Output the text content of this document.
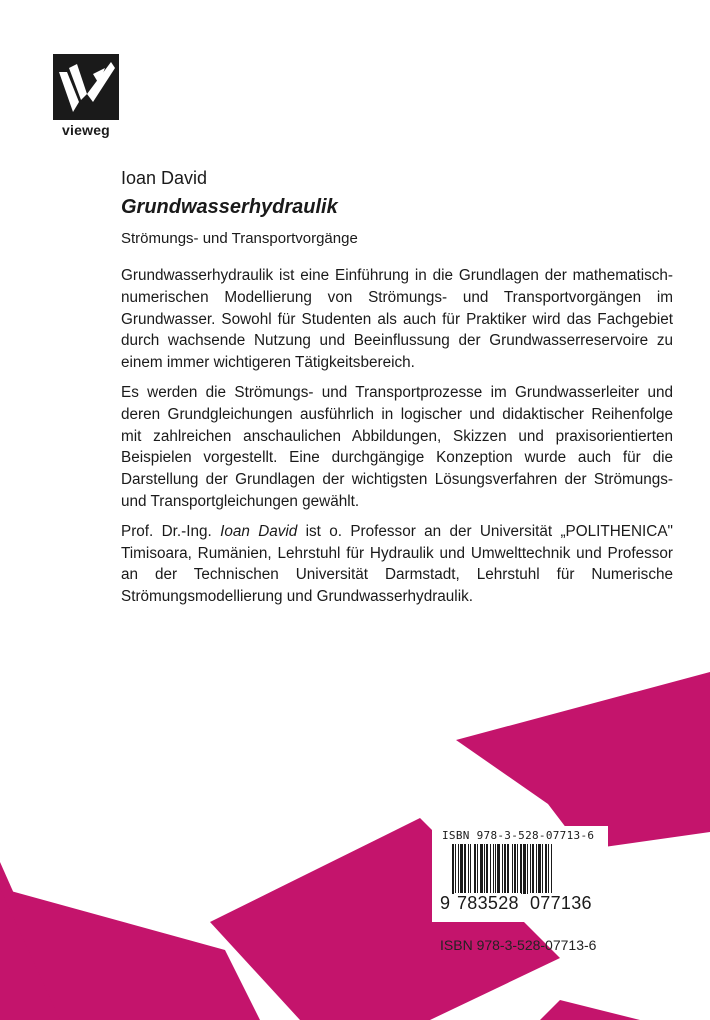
vieweg
Ioan David
Grundwasserhydraulik
Strömungs- und Transportvorgänge

Grundwasserhydraulik ist eine Einführung in die Grundlagen der mathematisch-numerischen Modellierung von Strömungs- und Transportvorgängen im Grundwasser. Sowohl für Studenten als auch für Praktiker wird das Fachgebiet durch wachsende Nutzung und Beeinflussung der Grundwasserreservoire zu einem immer wichtigeren Tätigkeitsbereich.

Es werden die Strömungs- und Transportprozesse im Grundwasserleiter und deren Grundgleichungen ausführlich in logischer und didaktischer Reihenfolge mit zahlreichen anschaulichen Abbildungen, Skizzen und praxisorientierten Beispielen vorgestellt. Eine durchgängige Konzeption wurde auch für die Darstellung der Grundlagen der wichtigsten Lösungsverfahren der Strömungs- und Transportgleichungen gewählt.

Prof. Dr.-Ing. Ioan David ist o. Professor an der Universität „POLITHENICA" Timisoara, Rumänien, Lehrstuhl für Hydraulik und Umwelttechnik und Professor an der Technischen Universität Darmstadt, Lehrstuhl für Numerische Strömungsmodellierung und Grundwasserhydraulik.

ISBN 978-3-528-07713-6
9 783528 077136
ISBN 978-3-528-07713-6
